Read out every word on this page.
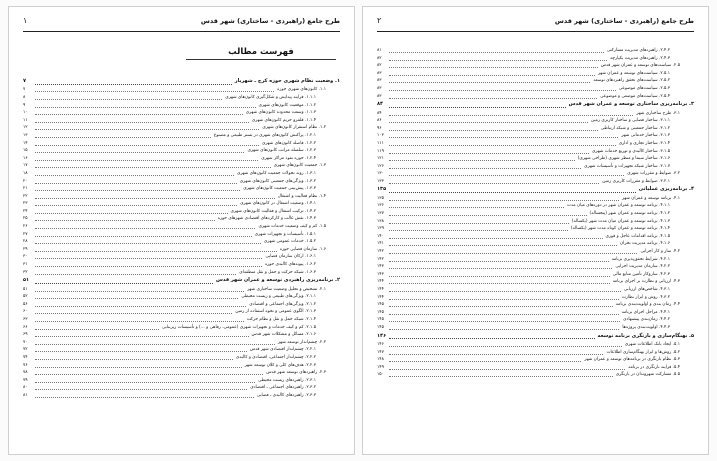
طرح جامع (راهبردی - ساختاری) شهر قدس
۱
فهرست مطالب
۱. وضعیت نظام شهری حوزه کرج ـ شهریار
۷
۱.۱. کانون‌های شهری حوزه
۷
۱.۱.۱. فرایند پیدایش و شکل‌گیری کانون‌های شهری
۸
۱.۱.۲. موقعیت کانون‌های شهری
۹
۱.۱.۳. وسعت محدوده کانون‌های شهری
۱۰
۱.۱.۴. قلمرو حریم کانون‌های شهری
۱۱
۱.۲. نظام استقرار کانون‌های شهری
۱۲
۱.۲.۱. پراکنش کانون‌های شهری در بستر طبیعی و مصنوع
۱۳
۱.۲.۲. فاصله کانون‌های شهری
۱۴
۱.۲.۳. سلسله مراتب کانون‌های شهری
۱۵
۱.۲.۴. حوزه نفوذ مراکز شهری
۱۶
۱.۳. جمعیت کانون‌های شهری
۱۷
۱.۳.۱. روند تحولات جمعیت کانون‌های شهری
۱۸
۱.۳.۲. ویژگی‌های جمعیتی کانون‌های شهری
۲۰
۱.۳.۳. پیش‌بینی جمعیت کانون‌های شهری
۲۱
۱.۴. نظام فعالیت و اشتغال
۲۲
۱.۴.۱. وضعیت اشتغال در کانون‌های شهری
۲۳
۱.۴.۲. ترکیب اشتغال و فعالیت کانون‌های شهری
۲۴
۱.۴.۳. نقش غالب و کارکردهای اقتصادی شهرهای حوزه
۲۵
۱.۵. کم و کیف وضعیت خدمات شهری
۲۶
۱.۵.۱. تأسیسات و تجهیزات شهری
۲۷
۱.۵.۲. خدمات عمومی شهری
۲۸
۱.۶. سازمان فضایی حوزه
۲۹
۱.۶.۱. ارکان سازمان فضایی
۳۰
۱.۶.۲. پیوندهای کالبدی حوزه
۳۱
۱.۶.۳. شبکه حرکت و حمل و نقل منطقه‌ای
۳۲
۲. برنامه‌ریزی راهبردی توسعه و عمران شهر قدس
۵۱
۲.۱. تشخیص و تحلیل وضعیت ساختاری شهر
۵۱
۲.۱.۱. ویژگی‌های طبیعی و زیست محیطی
۵۲
۲.۱.۲. ویژگی‌های اجتماعی و اقتصادی
۵۶
۲.۱.۳. الگوی عمومی و نحوه استفاده از زمین
۶۰
۲.۱.۴. شبکه حمل و نقل و نظام حرکت
۶۳
۲.۱.۵. کم و کیف خدمات و تجهیزات شهری (عمومی، رفاهی و ...) و تأسیسات زیربنایی
۶۶
۲.۱.۶. مسائل و مشکلات شهر قدس
۶۹
۲.۲. چشم‌انداز توسعه شهر
۷۰
۲.۲.۱. چشم‌انداز اقتصادی شهر قدس
۷۲
۲.۲.۲. چشم‌انداز اجتماعی، اقتصادی و کالبدی
۷۴
۲.۲.۳. هدف‌های کلی و کلان توسعه شهر
۷۶
۲.۳. راهبردهای توسعه شهر قدس
۷۸
۲.۳.۱. راهبردهای زیست محیطی
۷۹
۲.۳.۲. راهبردهای اجتماعی ـ اقتصادی
۸۰
۲.۳.۳. راهبردهای کالبدی ـ فضایی
۸۱
طرح جامع (راهبردی - ساختاری) شهر قدس
۲
۲.۴.۲. راهبردهای مدیریت مشارکتی
۸۱
۲.۴.۳. راهبردهای مدیریت یکپارچه
۸۲
۲.۵. سیاست‌های توسعه و عمران شهر قدس
۸۲
۲.۵.۱. سیاست‌های توسعه و عمران شهر
۸۳
۲.۵.۲. سیاست‌های تحقق راهبردهای توسعه
۸۳
۲.۵.۳. سیاست‌های موضوعی
۸۳
۲.۵.۴. سیاست‌های موضعی و موضوعی
۸۳
۳. برنامه‌ریزی ساختاری توسعه و عمران شهر قدس
۸۴
۳.۱. طرح ساختاری شهر
۸۴
۳.۱.۱. ساختار فضایی و ساختار کاربری زمین
۸۶
۳.۱.۲. ساختار جمعیتی و شبکه ارتباطی
۹۶
۳.۱.۳. ساختار خدماتی شهر
۱۰۳
۳.۱.۴. ساختار تجاری و اداری
۱۱۱
۳.۱.۵. ساختار کالبدی و توزیع خدمات شهری
۱۱۹
۳.۱.۶. ساختار سیما و منظر شهری (طراحی شهری)
۱۲۱
۳.۱.۷. ساختار شبکه تجهیزات و تأسیسات شهری
۱۲۶
۳.۲. ضوابط و مقررات شهری
۱۳۰
۳.۲.۱. ضوابط و مقررات کاربری زمین
۱۳۳
۴. برنامه‌ریزی عملیاتی
۱۳۵
۴.۱. برنامه توسعه و عمران شهر
۱۳۵
۴.۱.۱. برنامه توسعه و عمران شهر در دوره‌های میان مدت
۱۳۶
۴.۱.۲. برنامه توسعه و عمران شهر (پنجساله)
۱۳۷
۴.۱.۳. برنامه توسعه و عمران میان مدت شهر (یکساله)
۱۳۸
۴.۱.۴. برنامه توسعه و عمران کوتاه مدت شهر (یکساله)
۱۳۹
۴.۱.۵. برنامه اقدامات عاجل و فوری
۱۴۰
۴.۱.۶. برنامه مدیریت بحران
۱۴۱
۴.۲. ساز و کار اجرایی
۱۴۲
۴.۲.۱. شرایط تحقق‌پذیری برنامه
۱۴۲
۴.۲.۲. سازمان مدیریت اجرایی
۱۴۳
۴.۲.۳. سازوکار تأمین منابع مالی
۱۴۳
۴.۳. ارزیابی و نظارت بر اجرای برنامه
۱۴۴
۴.۳.۱. شاخص‌های ارزیابی
۱۴۴
۴.۳.۲. روش و ابزار نظارت
۱۴۴
۴.۴. زمان بندی و اولویت‌بندی برنامه
۱۴۵
۴.۴.۱. مراحل اجرای برنامه
۱۴۵
۴.۴.۲. زمان‌بندی پیشنهادی
۱۴۵
۴.۴.۳. اولویت‌بندی پروژه‌ها
۱۴۵
۵. بهنگام‌سازی و بازنگری برنامه توسعه
۱۴۶
۵.۱. ایجاد بانک اطلاعات شهری
۱۴۶
۵.۲. روش‌ها و ابزار بهنگام‌سازی اطلاعات
۱۴۷
۵.۳. نظام بازنگری در برنامه‌های توسعه و عمران شهر
۱۴۸
۵.۴. فرایند بازنگری در برنامه
۱۴۹
۵.۵. مشارکت شهروندان در بازنگری
۱۵۰
